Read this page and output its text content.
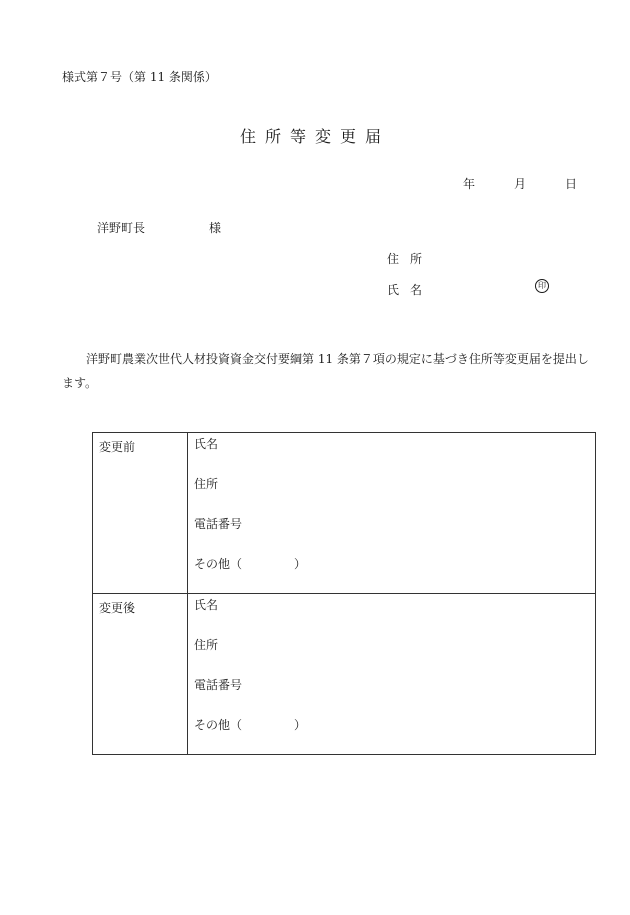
様式第７号（第 11 条関係）
住所等変更届
年	月	日
洋野町長	様
住所
氏名	印
洋野町農業次世代人材投資資金交付要綱第 11 条第７項の規定に基づき住所等変更届を提出します。
変更前	氏名
住所
電話番号
その他（ ）

変更後	氏名
住所
電話番号
その他（ ）
